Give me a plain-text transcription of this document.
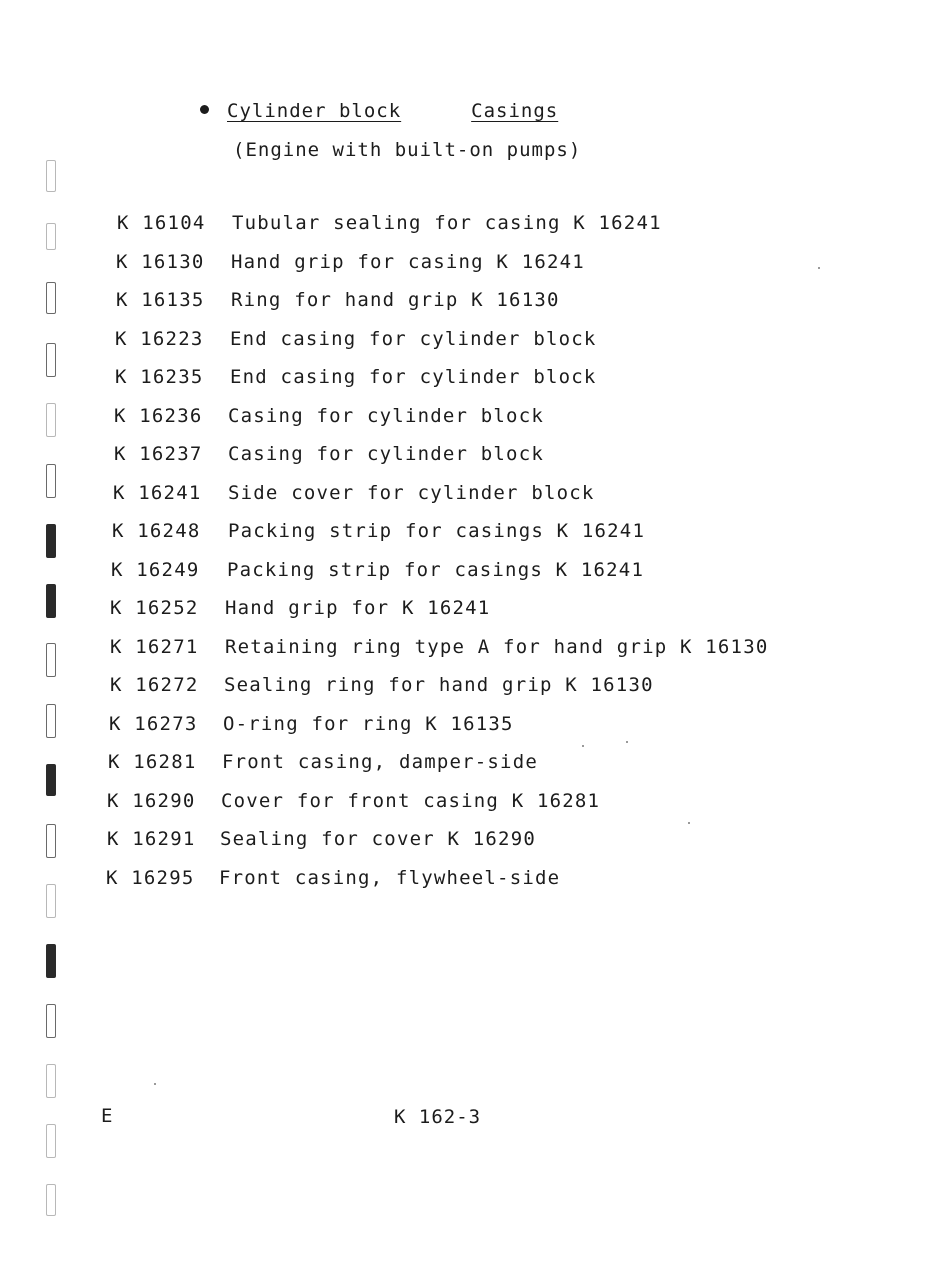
Cylinder block	Casings
(Engine with built-on pumps)
K 16104 Tubular sealing for casing K 16241
K 16130 Hand grip for casing K 16241
K 16135 Ring for hand grip K 16130
K 16223 End casing for cylinder block
K 16235 End casing for cylinder block
K 16236 Casing for cylinder block
K 16237 Casing for cylinder block
K 16241 Side cover for cylinder block
K 16248 Packing strip for casings K 16241
K 16249 Packing strip for casings K 16241
K 16252 Hand grip for K 16241
K 16271 Retaining ring type A for hand grip K 16130
K 16272 Sealing ring for hand grip K 16130
K 16273 O-ring for ring K 16135
K 16281 Front casing, damper-side
K 16290 Cover for front casing K 16281
K 16291 Sealing for cover K 16290
K 16295 Front casing, flywheel-side
E	K 162-3
